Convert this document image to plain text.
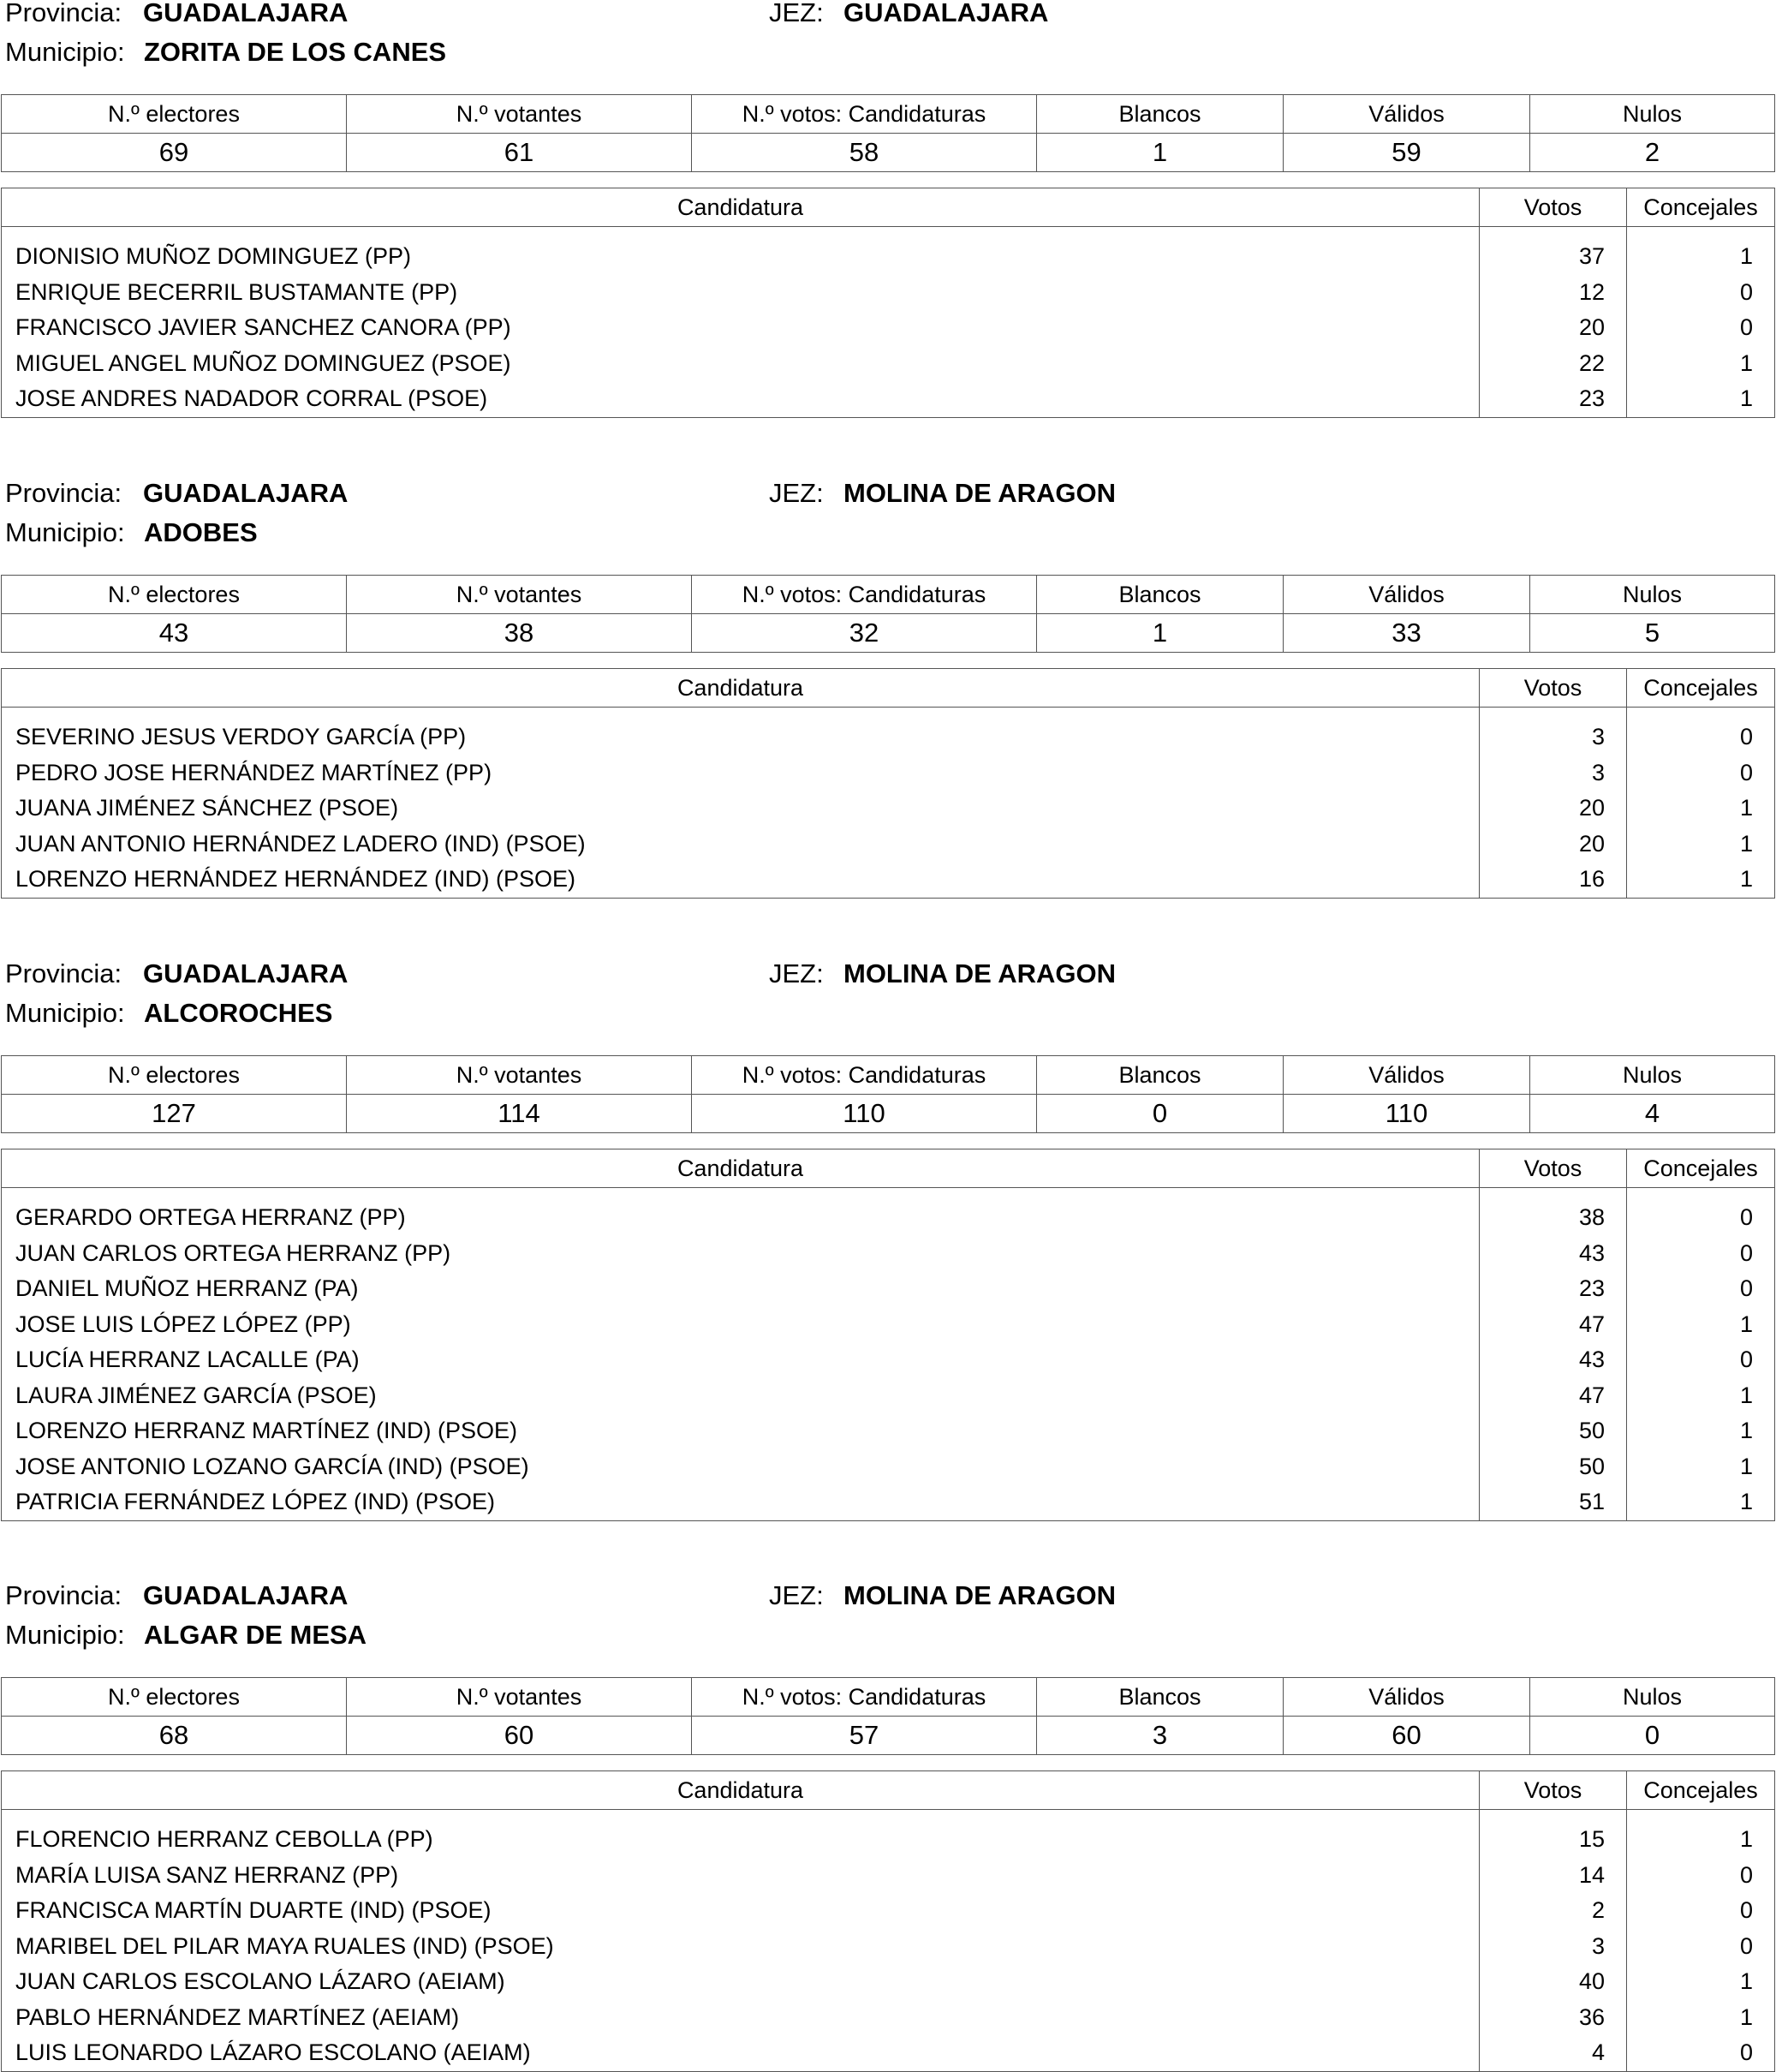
Provincia: GUADALAJARA	JEZ: GUADALAJARA
Municipio: ZORITA DE LOS CANES
N.º electores	N.º votantes	N.º votos: Candidaturas	Blancos	Válidos	Nulos
69	61	58	1	59	2
Candidatura	Votos	Concejales
DIONISIO MUÑOZ DOMINGUEZ (PP)	37	1
ENRIQUE BECERRIL BUSTAMANTE (PP)	12	0
FRANCISCO JAVIER SANCHEZ CANORA (PP)	20	0
MIGUEL ANGEL MUÑOZ DOMINGUEZ (PSOE)	22	1
JOSE ANDRES NADADOR CORRAL (PSOE)	23	1
Provincia: GUADALAJARA	JEZ: MOLINA DE ARAGON
Municipio: ADOBES
N.º electores	N.º votantes	N.º votos: Candidaturas	Blancos	Válidos	Nulos
43	38	32	1	33	5
Candidatura	Votos	Concejales
SEVERINO JESUS VERDOY GARCÍA (PP)	3	0
PEDRO JOSE HERNÁNDEZ MARTÍNEZ (PP)	3	0
JUANA JIMÉNEZ SÁNCHEZ (PSOE)	20	1
JUAN ANTONIO HERNÁNDEZ LADERO (IND) (PSOE)	20	1
LORENZO HERNÁNDEZ HERNÁNDEZ (IND) (PSOE)	16	1
Provincia: GUADALAJARA	JEZ: MOLINA DE ARAGON
Municipio: ALCOROCHES
N.º electores	N.º votantes	N.º votos: Candidaturas	Blancos	Válidos	Nulos
127	114	110	0	110	4
Candidatura	Votos	Concejales
GERARDO ORTEGA HERRANZ (PP)	38	0
JUAN CARLOS ORTEGA HERRANZ (PP)	43	0
DANIEL MUÑOZ HERRANZ (PA)	23	0
JOSE LUIS LÓPEZ LÓPEZ (PP)	47	1
LUCÍA HERRANZ LACALLE (PA)	43	0
LAURA JIMÉNEZ GARCÍA (PSOE)	47	1
LORENZO HERRANZ MARTÍNEZ (IND) (PSOE)	50	1
JOSE ANTONIO LOZANO GARCÍA (IND) (PSOE)	50	1
PATRICIA FERNÁNDEZ LÓPEZ (IND) (PSOE)	51	1
Provincia: GUADALAJARA	JEZ: MOLINA DE ARAGON
Municipio: ALGAR DE MESA
N.º electores	N.º votantes	N.º votos: Candidaturas	Blancos	Válidos	Nulos
68	60	57	3	60	0
Candidatura	Votos	Concejales
FLORENCIO HERRANZ CEBOLLA (PP)	15	1
MARÍA LUISA SANZ HERRANZ (PP)	14	0
FRANCISCA MARTÍN DUARTE (IND) (PSOE)	2	0
MARIBEL DEL PILAR MAYA RUALES (IND) (PSOE)	3	0
JUAN CARLOS ESCOLANO LÁZARO (AEIAM)	40	1
PABLO HERNÁNDEZ MARTÍNEZ (AEIAM)	36	1
LUIS LEONARDO LÁZARO ESCOLANO (AEIAM)	4	0
